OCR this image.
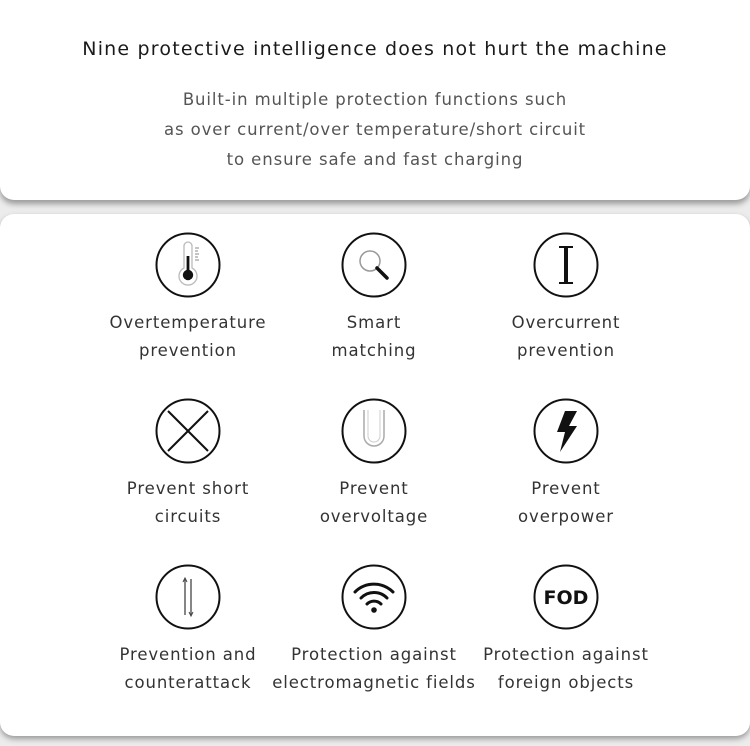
Nine protective intelligence does not hurt the machine
Built-in multiple protection functions such
as over current/over temperature/short circuit
to ensure safe and fast charging
Overtemperature
prevention
Smart
matching
Overcurrent
prevention
Prevent short
circuits
Prevent
overvoltage
Prevent
overpower
Prevention and
counterattack
Protection against
electromagnetic fields
FOD
Protection against
foreign objects
